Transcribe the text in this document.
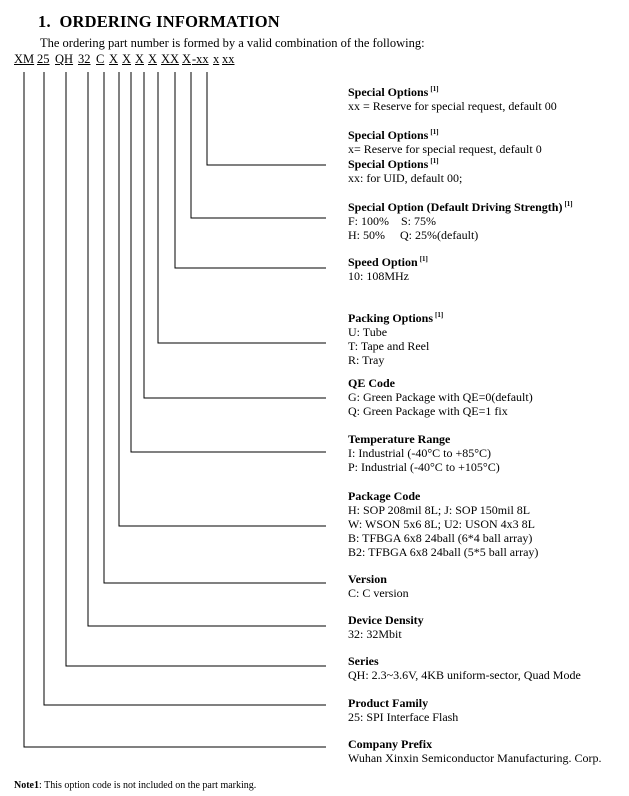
1. ORDERING INFORMATION
The ordering part number is formed by a valid combination of the following:
XM 25 QH 32 C X X X X XX X -xx x xx
Special Options [1]
xx = Reserve for special request, default 00
Special Options [1]
x= Reserve for special request, default 0
Special Options [1]
xx: for UID, default 00;
Special Option (Default Driving Strength) [1]
F: 100%    S: 75%
H: 50%     Q: 25%(default)
Speed Option [1]
10: 108MHz
Packing Options [1]
U: Tube
T: Tape and Reel
R: Tray
QE Code
G: Green Package with QE=0(default)
Q: Green Package with QE=1 fix
Temperature Range
I: Industrial (-40°C to +85°C)
P: Industrial (-40°C to +105°C)
Package Code
H: SOP 208mil 8L; J: SOP 150mil 8L
W: WSON 5x6 8L; U2: USON 4x3 8L
B: TFBGA 6x8 24ball (6*4 ball array)
B2: TFBGA 6x8 24ball (5*5 ball array)
Version
C: C version
Device Density
32: 32Mbit
Series
QH: 2.3~3.6V, 4KB uniform-sector, Quad Mode
Product Family
25: SPI Interface Flash
Company Prefix
Wuhan Xinxin Semiconductor Manufacturing. Corp.
Note1: This option code is not included on the part marking.
